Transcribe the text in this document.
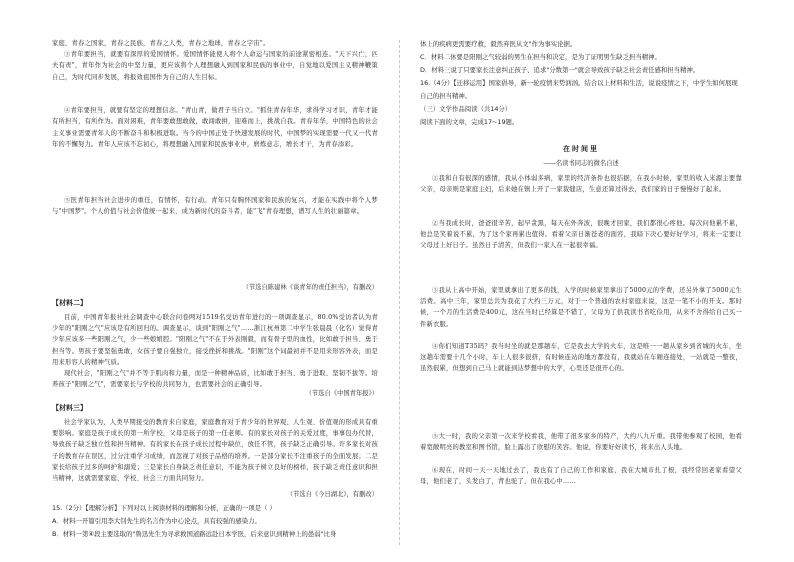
家庭，青春之国家，青春之民族，青春之人类，青春之地球，青春之宇宙"。

③青年要担当，就要有深厚的爱国情怀。爱国情怀能使人将个人命运与国家的前途紧密相连。"天下兴亡，匹夫有责"，青年作为社会的中坚力量，更应该将个人理想融入到国家和民族的事业中，自觉地以爱国主义精神鞭策自己，为时代同步发展，将报效祖国作为自己的人生目标。

④青年要担当，就要有坚定的理想信念。"青山青，做君子当自立。"抓住青春年华，求得学习才识，青年才能有所担当，有所作为。面对困难，青年要敢想敢做，敢闯敢拼，迎难而上，挑战自我。青春年华，中国特色的社会主义事业需要青年人的不断奋斗和积极进取。当今的中国正处于快速发展的时代，中国梦的实现需要一代又一代青年的不懈努力。青年人应该不忘初心，将理想融入国家和民族事业中，磨炼意志，增长才干，为青春添彩。

⑤医青年担当社会进步的重任，有情怀，有行动。青年只有胸怀国家和民族的复兴，才能在实践中将个人梦与"中国梦"。个人价值与社会价值统一起来，成为新时代的奋斗者，能"飞"青春理想，谱写人生的壮丽篇章。

（节选自陈建林《谈青年的责任担当》，有删改）
【材料二】

目前，中国青年报社社会调查中心联合问卷网对1519名受访青年进行的一项调查显示，80.0%受访者认为青少年的"阳刚之气"应该是有所回归的。调查显示，谈到"阳刚之气"……浙江杭州第二中学生张晨晨（化名）觉得青少年应该多一些阳刚之气，少一些娘娘腔。"阳刚之气"不在于外表刚毅，而有骨子里的血性，比如敢于担当、勇于担当等。男孩子要坚强勇敢，女孩子要自强独立，接受挫折和挑战。"阳刚"这个词最初并不是用来形容外表，而是用来形容人的精神气质。

现代社会，"阳刚之气"并不等于肌肉和力量，而是一种精神品质，比如敢于担当、勇于进取、坚韧不拔等。培养孩子"阳刚之气"，需要家长与学校的共同努力，也需要社会的正确引导。

（节选自《中国青年报》）
【材料三】

社会学家认为，人类早期接受的教育来自家庭，家庭教育对于青少年的世界观、人生观、价值观的形成具有重要影响。家庭是孩子成长的第一所学校，父母是孩子的第一任老师。有的家长对孩子的关爱过度，事事包办代替，导致孩子缺乏独立性和担当精神。有的家长在孩子成长过程中缺位，放任不管，孩子缺乏正确引导。许多家长对孩子的教育存在误区，过分注重学习成绩，而忽视了对孩子品格的培养。一是部分家长不注重孩子的全面发展；二是家长给孩子过多的呵护和溺爱；三是家长自身缺乏责任意识，不能为孩子树立良好的榜样，孩子缺乏责任意识和担当精神，这就需要家庭、学校、社会三方面共同努力。

（节选自《今日湖北》，有删改）
15.（2分）【理解分析】下列对以上阅读材料的理解和分析，正确的一项是（ ）
A．材料一开篇引用李大钊先生的名言作为中心论点，具有较强的感染力。
B．材料一第④段主要选取的"鲁迅先生为寻求救国道路远赴日本学医，后来意识到精神上的愚弱"比身
体上的疾病更需要疗救，毅然弃医从文"作为事实论据。
C．材料二休要是阳刚之气较弱的男生在担当和决定，是为了证明男生缺乏担当精神。
D．材料三说了只要家长注意纠正孩子、追求"分数第一"就会导致孩子缺乏社会责任感和担当精神。
16.（4分）【迁移运用】国家倡导，新一轮疫情来势汹汹。结合以上材料和生活，说说疫情之下，中学生如何展现自己的担当精神。
（三）文学作品阅读（共14分）
阅读下面的文章，完成17~19题。
在时间里
——名读书同志的微名自述

①我和自有很深的感情，我从小体弱多病，家里的经济条件也很拮据，在我小时候，家里的收入来源主要靠父亲，母亲则是家庭主妇，后来她在镇上开了一家裁缝店，生意还算过得去，我们家的日子慢慢好了起来。

②当我成长时，爸爸很辛苦，起早贪黑，每天在外奔波，很晚才回家，我们都很心疼他。每次问他累不累，他总是笑着说不累，为了这个家再累也值得。看着父亲日渐苍老的面容，我暗下决心要好好学习，将来一定要让父母过上好日子。虽然日子清苦，但我们一家人在一起很幸福。

③我从上高中开始，家里就拿出了更多的钱，入学的时候家里拿出了5000元的学费，还另外拿了5000元生活费。高中三年，家里总共为我花了大约三万元，对于一个普通的农村家庭来说，这是一笔不小的开支。那时候，一个月的生活费是400元，这在当时已经算是不错了，父母为了供我读书省吃俭用，从来不舍得给自己买一件新衣服。

④你们知道T35吗？我当时坐的就是那趟车，它是我去大学的火车，这是唯一一趟从家乡到省城的火车，坐这趟车需要十几个小时，车上人很多很挤，有时候连站的地方都没有，我就站在车厢连接处，一站就是一整夜，虽然很累，但想到自己马上就能到达梦想中的大学，心里还是很开心的。

⑤大一时，我的父亲第一次来学校看我，他带了很多家乡的特产，大约八九斤重。我带他参观了校园，他看着宽敞明亮的教室和图书馆，脸上露出了欣慰的笑容。他说，你要好好读书，将来出人头地。

⑥现在，时间一天一天地过去了，我也有了自己的工作和家庭，我在大城市扎了根，我经常回老家看望父母，他们老了，头发白了，背也驼了，但在我心中……
